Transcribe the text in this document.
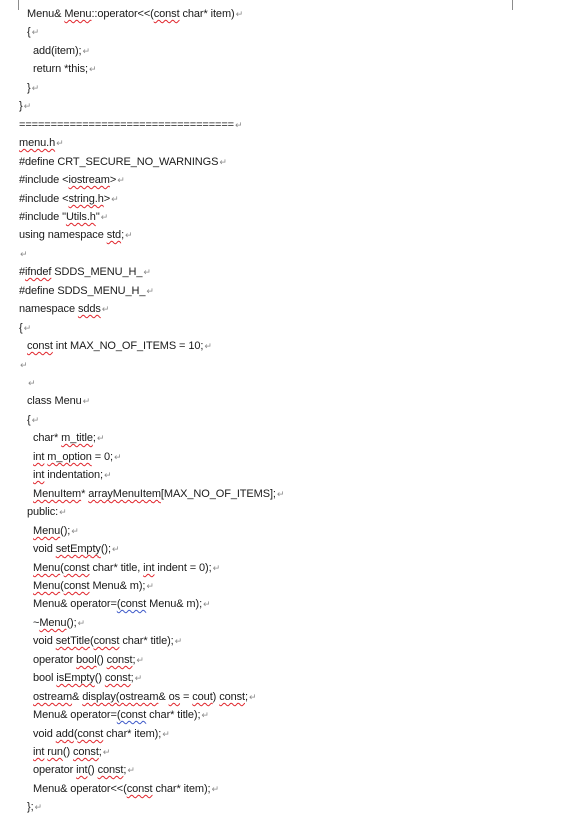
Menu& Menu::operator<<(const char* item)↵
{↵
add(item);↵
return *this;↵
}↵
}↵
==================================↵
menu.h↵
#define CRT_SECURE_NO_WARNINGS↵
#include <iostream>↵
#include <string.h>↵
#include "Utils.h"↵
using namespace std;↵
↵
#ifndef SDDS_MENU_H_↵
#define SDDS_MENU_H_↵
namespace sdds↵
{↵
const int MAX_NO_OF_ITEMS = 10;↵
↵
↵
class Menu↵
{↵
char* m_title;↵
int m_option = 0;↵
int indentation;↵
MenuItem* arrayMenuItem[MAX_NO_OF_ITEMS];↵
public:↵
Menu();↵
void setEmpty();↵
Menu(const char* title, int indent = 0);↵
Menu(const Menu& m);↵
Menu& operator=(const Menu& m);↵
~Menu();↵
void setTitle(const char* title);↵
operator bool() const;↵
bool isEmpty() const;↵
ostream& display(ostream& os = cout) const;↵
Menu& operator=(const char* title);↵
void add(const char* item);↵
int run() const;↵
operator int() const;↵
Menu& operator<<(const char* item);↵
};↵
